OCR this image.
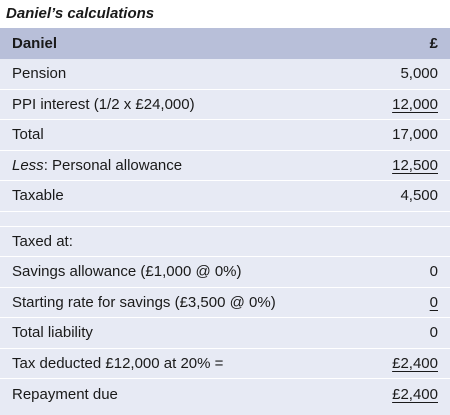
Daniel’s calculations
Daniel	£
Pension	5,000
PPI interest (1/2 x £24,000)	12,000
Total	17,000
Less: Personal allowance	12,500
Taxable	4,500
Taxed at:
Savings allowance (£1,000 @ 0%)	0
Starting rate for savings (£3,500 @ 0%)	0
Total liability	0
Tax deducted £12,000 at 20% =	£2,400
Repayment due	£2,400
